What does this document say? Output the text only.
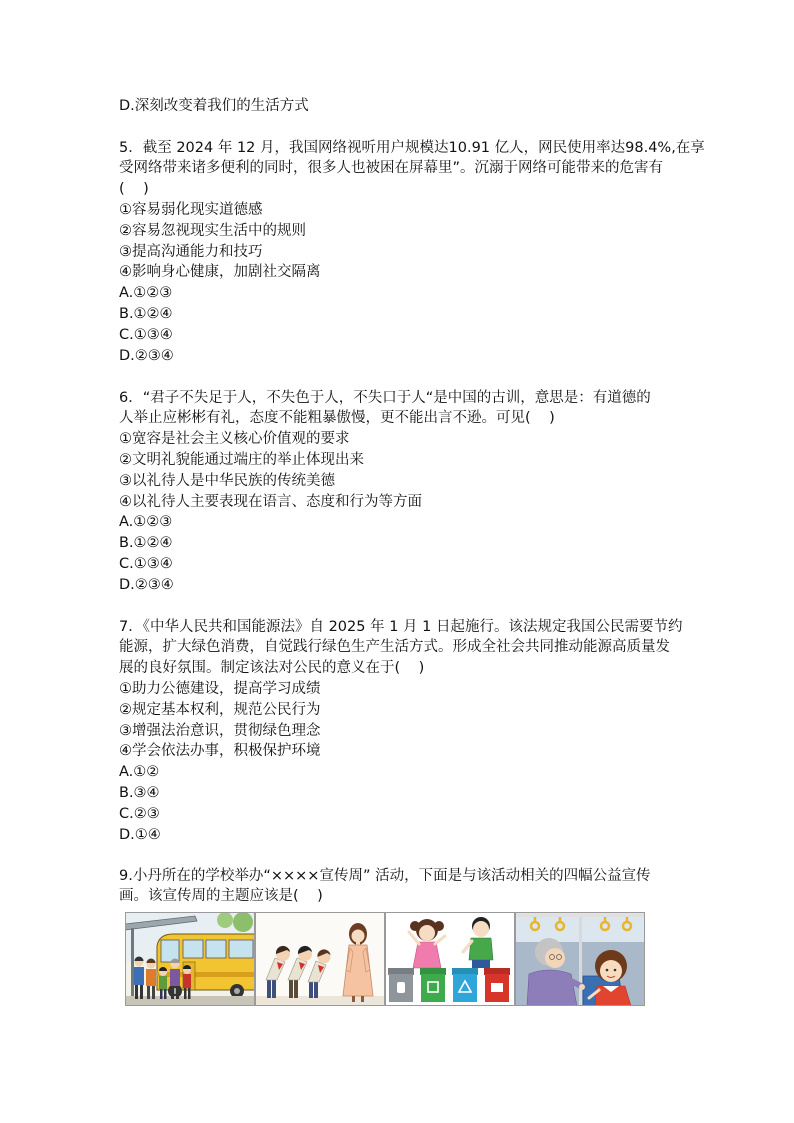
D.深刻改变着我们的生活方式
5．截至 2024 年 12 月，我国网络视听用户规模达10.91 亿人，网民使用率达98.4%,在享
受网络带来诸多便利的同时，很多人也被困在屏幕里”。沉溺于网络可能带来的危害有
(    )
①容易弱化现实道德感
②容易忽视现实生活中的规则
③提高沟通能力和技巧
④影响身心健康，加剧社交隔离
A.①②③
B.①②④
C.①③④
D.②③④
6．“君子不失足于人，不失色于人，不失口于人“是中国的古训，意思是：有道德的
人举止应彬彬有礼，态度不能粗暴傲慢，更不能出言不逊。可见(    )
①宽容是社会主义核心价值观的要求
②文明礼貌能通过端庄的举止体现出来
③以礼待人是中华民族的传统美德
④以礼待人主要表现在语言、态度和行为等方面
A.①②③
B.①②④
C.①③④
D.②③④
7．《中华人民共和国能源法》自 2025 年 1 月 1 日起施行。该法规定我国公民需要节约
能源，扩大绿色消费，自觉践行绿色生产生活方式。形成全社会共同推动能源高质量发
展的良好氛围。制定该法对公民的意义在于(    )
①助力公德建设，提高学习成绩
②规定基本权利，规范公民行为
③增强法治意识，贯彻绿色理念
④学会依法办事，积极保护环境
A.①②
B.③④
C.②③
D.①④
9.小丹所在的学校举办“××××宣传周” 活动，下面是与该活动相关的四幅公益宣传
画。该宣传周的主题应该是(    )
